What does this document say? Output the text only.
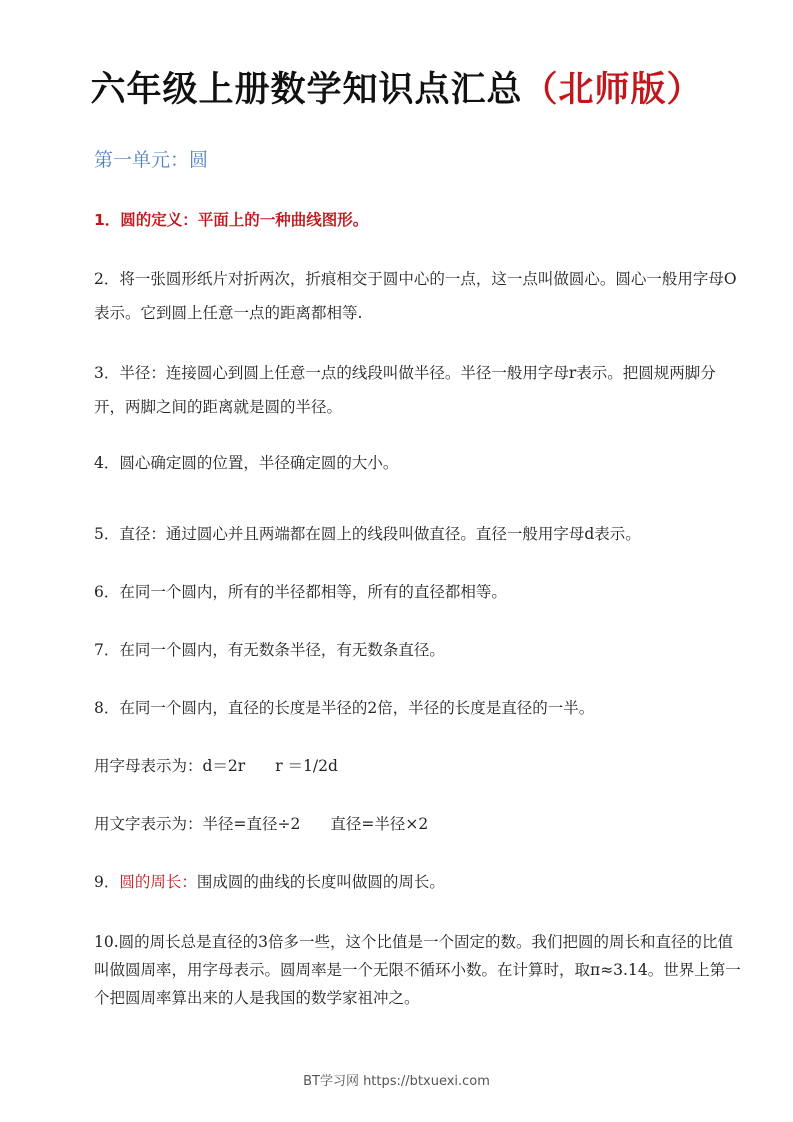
六年级上册数学知识点汇总（北师版）
第一单元：圆

1．圆的定义：平面上的一种曲线图形。

2．将一张圆形纸片对折两次，折痕相交于圆中心的一点，这一点叫做圆心。圆心一般用字母O表示。它到圆上任意一点的距离都相等.

3．半径：连接圆心到圆上任意一点的线段叫做半径。半径一般用字母r表示。把圆规两脚分开，两脚之间的距离就是圆的半径。

4．圆心确定圆的位置，半径确定圆的大小。

5．直径：通过圆心并且两端都在圆上的线段叫做直径。直径一般用字母d表示。

6．在同一个圆内，所有的半径都相等，所有的直径都相等。

7．在同一个圆内，有无数条半径，有无数条直径。

8．在同一个圆内，直径的长度是半径的2倍，半径的长度是直径的一半。

用字母表示为：d＝2r r ＝1/2d

用文字表示为：半径=直径÷2 直径=半径×2

9．圆的周长：围成圆的曲线的长度叫做圆的周长。

10.圆的周长总是直径的3倍多一些，这个比值是一个固定的数。我们把圆的周长和直径的比值叫做圆周率，用字母表示。圆周率是一个无限不循环小数。在计算时，取π≈3.14。世界上第一个把圆周率算出来的人是我国的数学家祖冲之。

BT学习网 https://btxuexi.com
